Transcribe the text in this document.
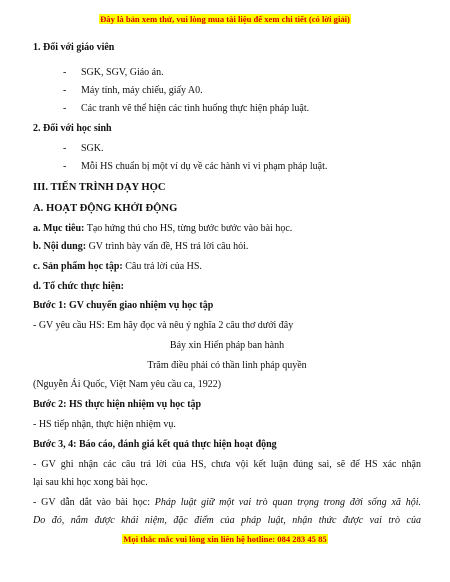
Đây là bản xem thử, vui lòng mua tài liệu để xem chi tiết (có lời giải)
1. Đối với giáo viên
- SGK, SGV, Giáo án.
- Máy tính, máy chiếu, giấy A0.
- Các tranh vẽ thể hiện các tình huống thực hiện pháp luật.
2. Đối với học sinh
- SGK.
- Mỗi HS chuẩn bị một ví dụ về các hành vi vi phạm pháp luật.
III. TIẾN TRÌNH DẠY HỌC
A. HOẠT ĐỘNG KHỞI ĐỘNG
a. Mục tiêu: Tạo hứng thú cho HS, từng bước bước vào bài học.
b. Nội dung: GV trình bày vấn đề, HS trả lời câu hỏi.
c. Sản phẩm học tập: Câu trả lời của HS.
d. Tổ chức thực hiện:
Bước 1: GV chuyển giao nhiệm vụ học tập
- GV yêu cầu HS: Em hãy đọc và nêu ý nghĩa 2 câu thơ dưới đây
Bảy xin Hiến pháp ban hành
Trăm điều phải có thần linh pháp quyền
(Nguyễn Ái Quốc, Việt Nam yêu cầu ca, 1922)
Bước 2: HS thực hiện nhiệm vụ học tập
- HS tiếp nhận, thực hiện nhiệm vụ.
Bước 3, 4: Báo cáo, đánh giá kết quả thực hiện hoạt động
- GV ghi nhận các câu trả lời của HS, chưa vội kết luận đúng sai, sẽ để HS xác nhận
lại sau khi học xong bài học.
- GV dẫn dắt vào bài học: Pháp luật giữ một vai trò quan trọng trong đời sống xã hội.
Do đó, nắm được khái niệm, đặc điểm của pháp luật, nhận thức được vai trò của
Mọi thắc mắc vui lòng xin liên hệ hotline: 084 283 45 85
